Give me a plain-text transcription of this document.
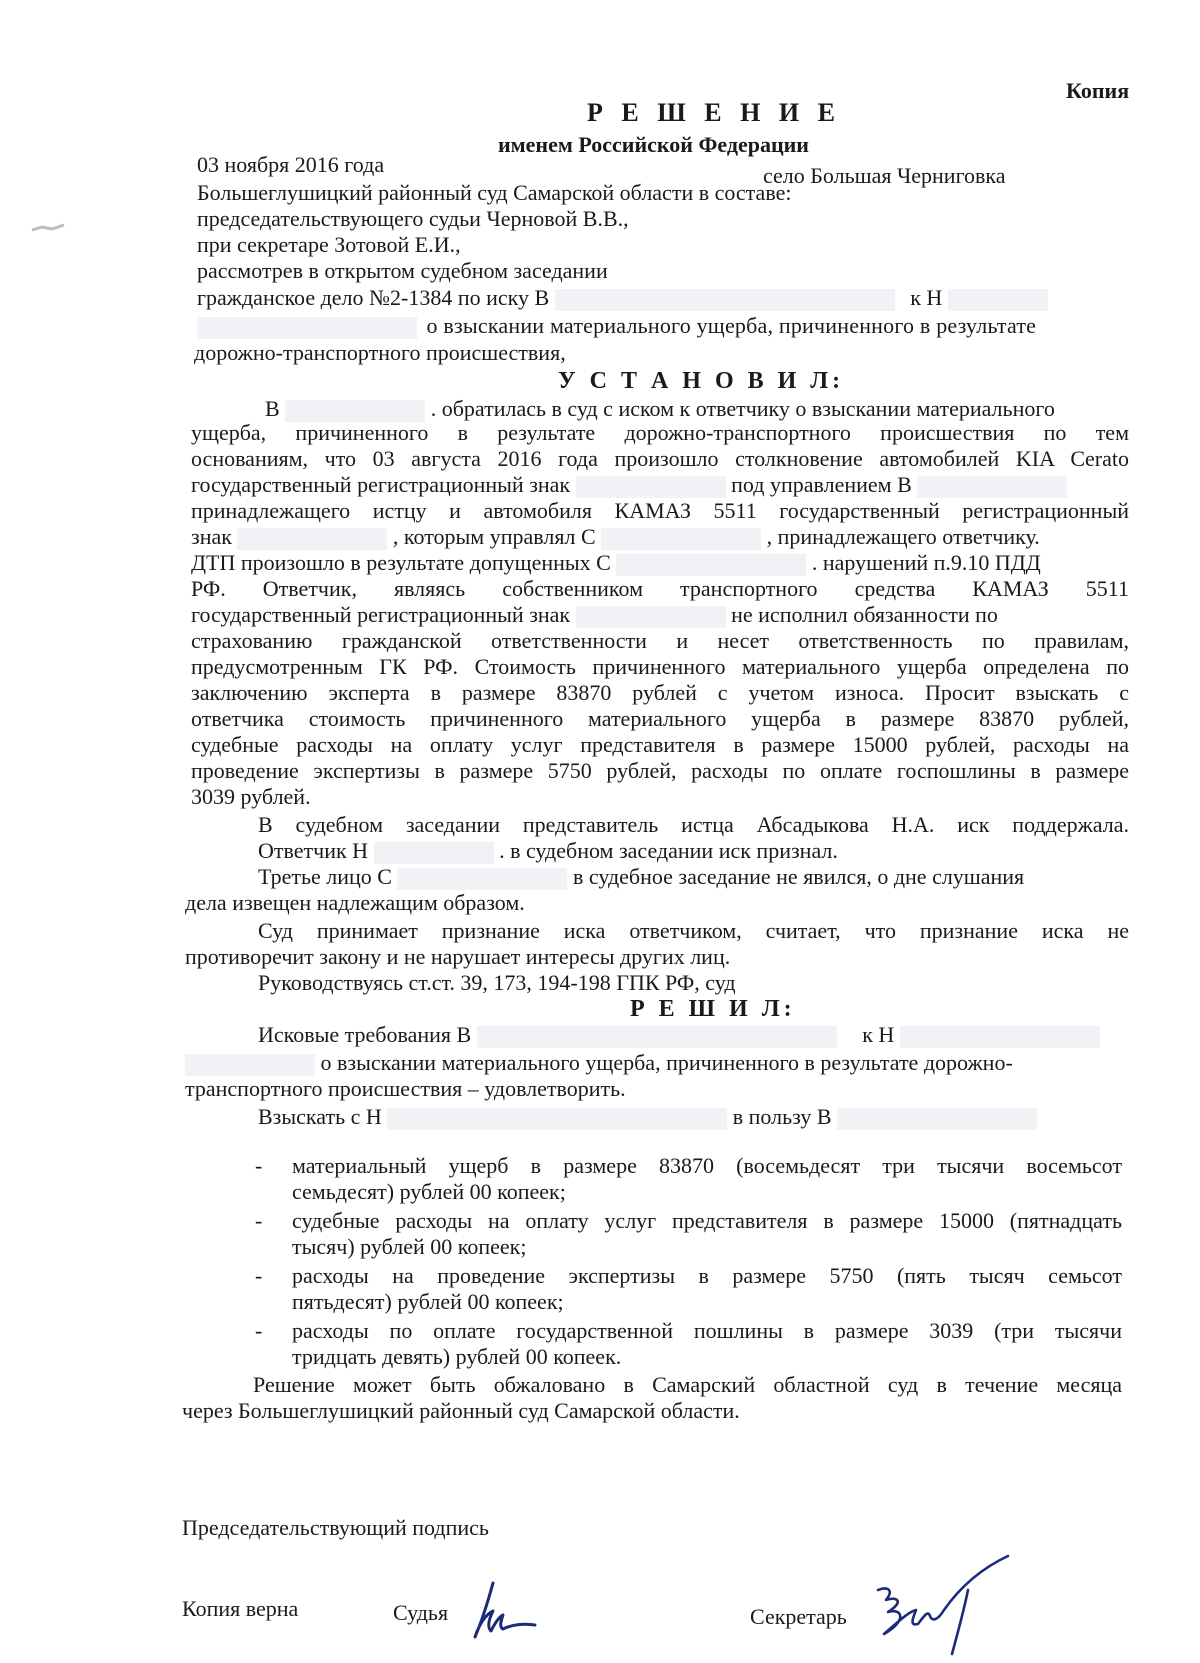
Копия

Р Е Ш Е Н И Е

именем Российской Федерации

03 ноября 2016 года	село Большая Черниговка

Большеглушицкий районный суд Самарской области в составе:

председательствующего судьи Черновой В.В.,

при секретаре Зотовой Е.И.,

рассмотрев в открытом судебном заседании

гражданское дело №2-1384 по иску В	к Н

о взыскании материального ущерба, причиненного в результате

дорожно-транспортного происшествия,

У С Т А Н О В И Л:

В	. обратилась в суд с иском к ответчику о взыскании материального

ущерба, причиненного в результате дорожно-транспортного происшествия по тем

основаниям, что 03 августа 2016 года произошло столкновение автомобилей KIA Cerato

государственный регистрационный знак	под управлением В

принадлежащего истцу и автомобиля КАМАЗ 5511 государственный регистрационный

знак	, которым управлял С	, принадлежащего ответчику.

ДТП произошло в результате допущенных С	. нарушений п.9.10 ПДД

РФ. Ответчик, являясь собственником транспортного средства КАМАЗ 5511

государственный регистрационный знак	не исполнил обязанности по

страхованию гражданской ответственности и несет ответственность по правилам,

предусмотренным ГК РФ. Стоимость причиненного материального ущерба определена по

заключению эксперта в размере 83870 рублей с учетом износа. Просит взыскать с

ответчика стоимость причиненного материального ущерба в размере 83870 рублей,

судебные расходы на оплату услуг представителя в размере 15000 рублей, расходы на

проведение экспертизы в размере 5750 рублей, расходы по оплате госпошлины в размере

3039 рублей.

В судебном заседании представитель истца Абсадыкова Н.А. иск поддержала.

Ответчик Н	. в судебном заседании иск признал.

Третье лицо С	в судебное заседание не явился, о дне слушания

дела извещен надлежащим образом.

Суд принимает признание иска ответчиком, считает, что признание иска не

противоречит закону и не нарушает интересы других лиц.

Руководствуясь ст.ст. 39, 173, 194-198 ГПК РФ, суд

Р Е Ш И Л:

Исковые требования В	к Н

о взыскании материального ущерба, причиненного в результате дорожно-

транспортного происшествия – удовлетворить.

Взыскать с Н	в пользу В

- материальный ущерб в размере 83870 (восемьдесят три тысячи восемьсот

семьдесят) рублей 00 копеек;

- судебные расходы на оплату услуг представителя в размере 15000 (пятнадцать

тысяч) рублей 00 копеек;

- расходы на проведение экспертизы в размере 5750 (пять тысяч семьсот

пятьдесят) рублей 00 копеек;

- расходы по оплате государственной пошлины в размере 3039 (три тысячи

тридцать девять) рублей 00 копеек.

Решение может быть обжаловано в Самарский областной суд в течение месяца

через Большеглушицкий районный суд Самарской области.

Председательствующий подпись

Копия верна	Судья	Секретарь
